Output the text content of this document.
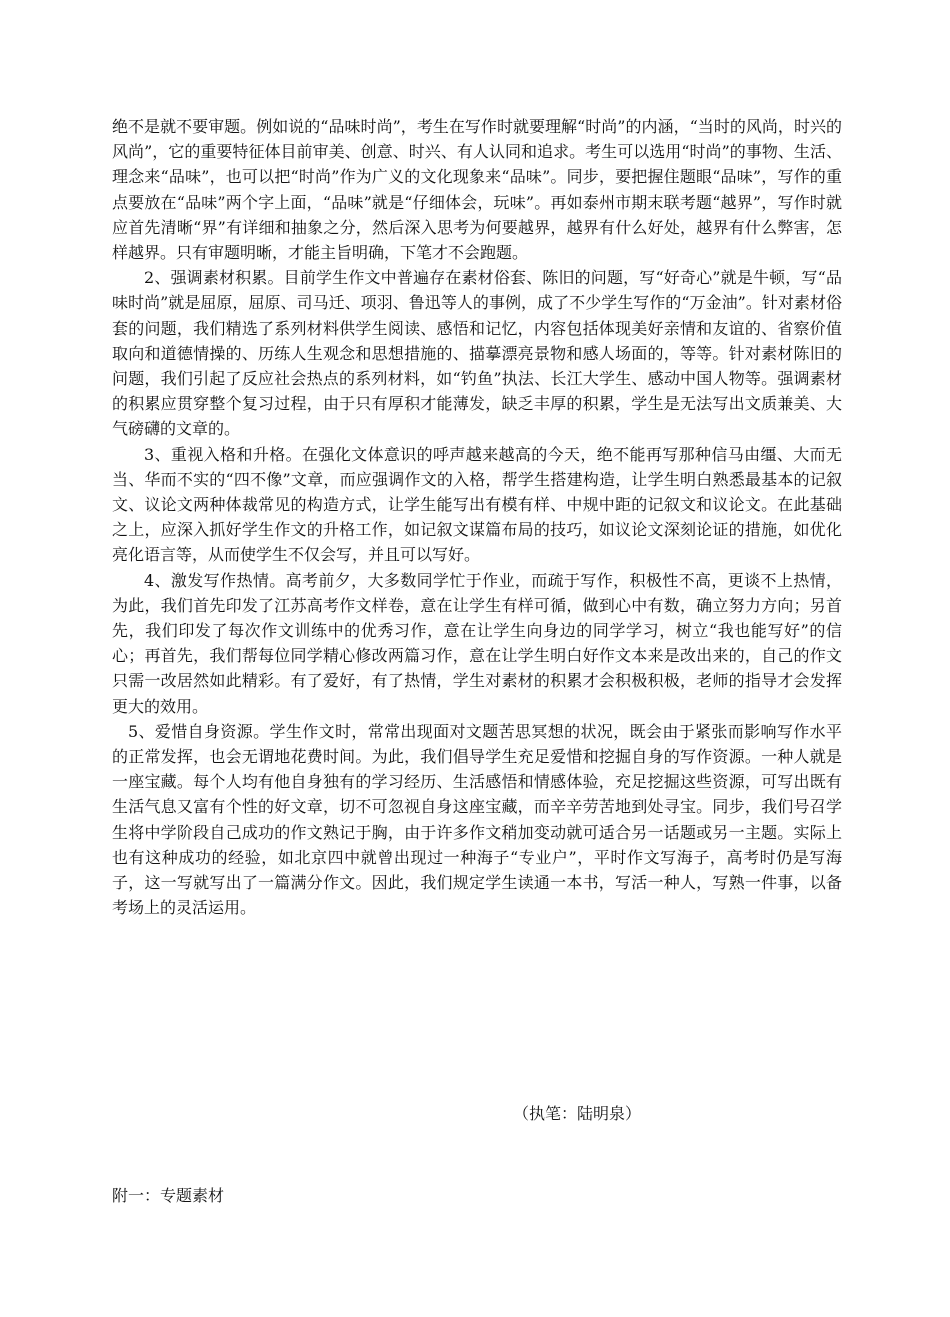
绝不是就不要审题。例如说的“品味时尚”，考生在写作时就要理解“时尚”的内涵，“当时的风尚，时兴的风尚”，它的重要特征体目前审美、创意、时兴、有人认同和追求。考生可以选用“时尚”的事物、生活、理念来“品味”，也可以把“时尚”作为广义的文化现象来“品味”。同步，要把握住题眼“品味”，写作的重点要放在“品味”两个字上面，“品味”就是“仔细体会，玩味”。再如泰州市期末联考题“越界”，写作时就应首先清晰“界”有详细和抽象之分，然后深入思考为何要越界，越界有什么好处，越界有什么弊害，怎样越界。只有审题明晰，才能主旨明确，下笔才不会跑题。

2、强调素材积累。目前学生作文中普遍存在素材俗套、陈旧的问题，写“好奇心”就是牛顿，写“品味时尚”就是屈原，屈原、司马迁、项羽、鲁迅等人的事例，成了不少学生写作的“万金油”。针对素材俗套的问题，我们精选了系列材料供学生阅读、感悟和记忆，内容包括体现美好亲情和友谊的、省察价值取向和道德情操的、历练人生观念和思想措施的、描摹漂亮景物和感人场面的，等等。针对素材陈旧的问题，我们引起了反应社会热点的系列材料，如“钓鱼”执法、长江大学生、感动中国人物等。强调素材的积累应贯穿整个复习过程，由于只有厚积才能薄发，缺乏丰厚的积累，学生是无法写出文质兼美、大气磅礴的文章的。

3、重视入格和升格。在强化文体意识的呼声越来越高的今天，绝不能再写那种信马由缰、大而无当、华而不实的“四不像”文章，而应强调作文的入格，帮学生搭建构造，让学生明白熟悉最基本的记叙文、议论文两种体裁常见的构造方式，让学生能写出有模有样、中规中距的记叙文和议论文。在此基础之上，应深入抓好学生作文的升格工作，如记叙文谋篇布局的技巧，如议论文深刻论证的措施，如优化亮化语言等，从而使学生不仅会写，并且可以写好。

4、激发写作热情。高考前夕，大多数同学忙于作业，而疏于写作，积极性不高，更谈不上热情，为此，我们首先印发了江苏高考作文样卷，意在让学生有样可循，做到心中有数，确立努力方向；另首先，我们印发了每次作文训练中的优秀习作，意在让学生向身边的同学学习，树立“我也能写好”的信心；再首先，我们帮每位同学精心修改两篇习作，意在让学生明白好作文本来是改出来的，自己的作文只需一改居然如此精彩。有了爱好，有了热情，学生对素材的积累才会积极积极，老师的指导才会发挥更大的效用。

5、爱惜自身资源。学生作文时，常常出现面对文题苦思冥想的状况，既会由于紧张而影响写作水平的正常发挥，也会无谓地花费时间。为此，我们倡导学生充足爱惜和挖掘自身的写作资源。一种人就是一座宝藏。每个人均有他自身独有的学习经历、生活感悟和情感体验，充足挖掘这些资源，可写出既有生活气息又富有个性的好文章，切不可忽视自身这座宝藏，而辛辛劳苦地到处寻宝。同步，我们号召学生将中学阶段自己成功的作文熟记于胸，由于许多作文稍加变动就可适合另一话题或另一主题。实际上也有这种成功的经验，如北京四中就曾出现过一种海子“专业户”，平时作文写海子，高考时仍是写海子，这一写就写出了一篇满分作文。因此，我们规定学生读通一本书，写活一种人，写熟一件事，以备考场上的灵活运用。

（执笔：陆明泉）

附一：专题素材
